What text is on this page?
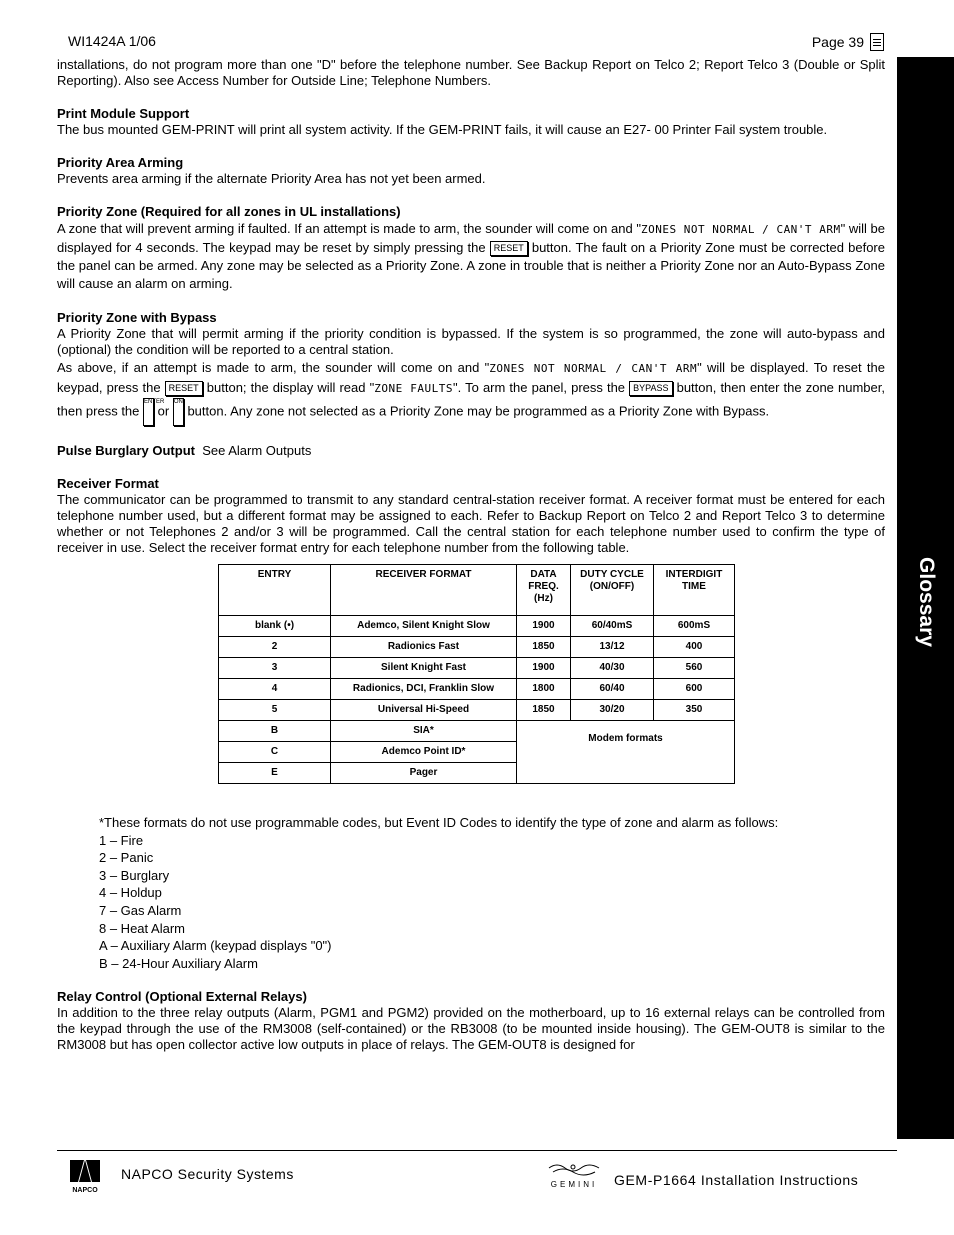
WI1424A 1/06	Page 39
Glossary

installations, do not program more than one "D" before the telephone number. See Backup Report on Telco 2; Report Telco 3 (Double or Split Reporting). Also see Access Number for Outside Line; Telephone Numbers.

Print Module Support

The bus mounted GEM-PRINT will print all system activity. If the GEM-PRINT fails, it will cause an E27- 00 Printer Fail system trouble.

Priority Area Arming

Prevents area arming if the alternate Priority Area has not yet been armed.

Priority Zone (Required for all zones in UL installations)

A zone that will prevent arming if faulted. If an attempt is made to arm, the sounder will come on and "ZONES NOT NORMAL / CAN'T ARM" will be displayed for 4 seconds. The keypad may be reset by simply pressing the RESET button. The fault on a Priority Zone must be corrected before the panel can be armed. Any zone may be selected as a Priority Zone. A zone in trouble that is neither a Priority Zone nor an Auto-Bypass Zone will cause an alarm on arming.

Priority Zone with Bypass

A Priority Zone that will permit arming if the priority condition is bypassed. If the system is so programmed, the zone will auto-bypass and (optional) the condition will be reported to a central station.

As above, if an attempt is made to arm, the sounder will come on and "ZONES NOT NORMAL / CAN'T ARM" will be displayed. To reset the keypad, press the RESET button; the display will read "ZONE FAULTS". To arm the panel, press the BYPASS button, then enter the zone number, then press the ENTER or ON button. Any zone not selected as a Priority Zone may be programmed as a Priority Zone with Bypass.

Pulse Burglary Output See Alarm Outputs

Receiver Format

The communicator can be programmed to transmit to any standard central-station receiver format. A receiver format must be entered for each telephone number used, but a different format may be assigned to each. Refer to Backup Report on Telco 2 and Report Telco 3 to determine whether or not Telephones 2 and/or 3 will be programmed. Call the central station for each telephone number used to confirm the type of receiver in use. Select the receiver format entry for each telephone number from the following table.

ENTRY	RECEIVER FORMAT	DATA FREQ. (Hz)	DUTY CYCLE (ON/OFF)	INTERDIGIT TIME
blank (•)	Ademco, Silent Knight Slow	1900	60/40mS	600mS
2	Radionics Fast	1850	13/12	400
3	Silent Knight Fast	1900	40/30	560
4	Radionics, DCI, Franklin Slow	1800	60/40	600
5	Universal Hi-Speed	1850	30/20	350
B	SIA*	Modem formats		
C	Ademco Point ID*			
E	Pager			
*These formats do not use programmable codes, but Event ID Codes to identify the type of zone and alarm as follows:
1 – Fire
2 – Panic
3 – Burglary
4 – Holdup
7 – Gas Alarm
8 – Heat Alarm
A – Auxiliary Alarm (keypad displays "0")
B – 24-Hour Auxiliary Alarm

Relay Control (Optional External Relays)

In addition to the three relay outputs (Alarm, PGM1 and PGM2) provided on the motherboard, up to 16 external relays can be controlled from the keypad through the use of the RM3008 (self-contained) or the RB3008 (to be mounted inside housing). The GEM-OUT8 is similar to the RM3008 but has open collector active low outputs in place of relays. The GEM-OUT8 is designed for

NAPCO
NAPCO Security Systems
GEMINI GEM-P1664 Installation Instructions
